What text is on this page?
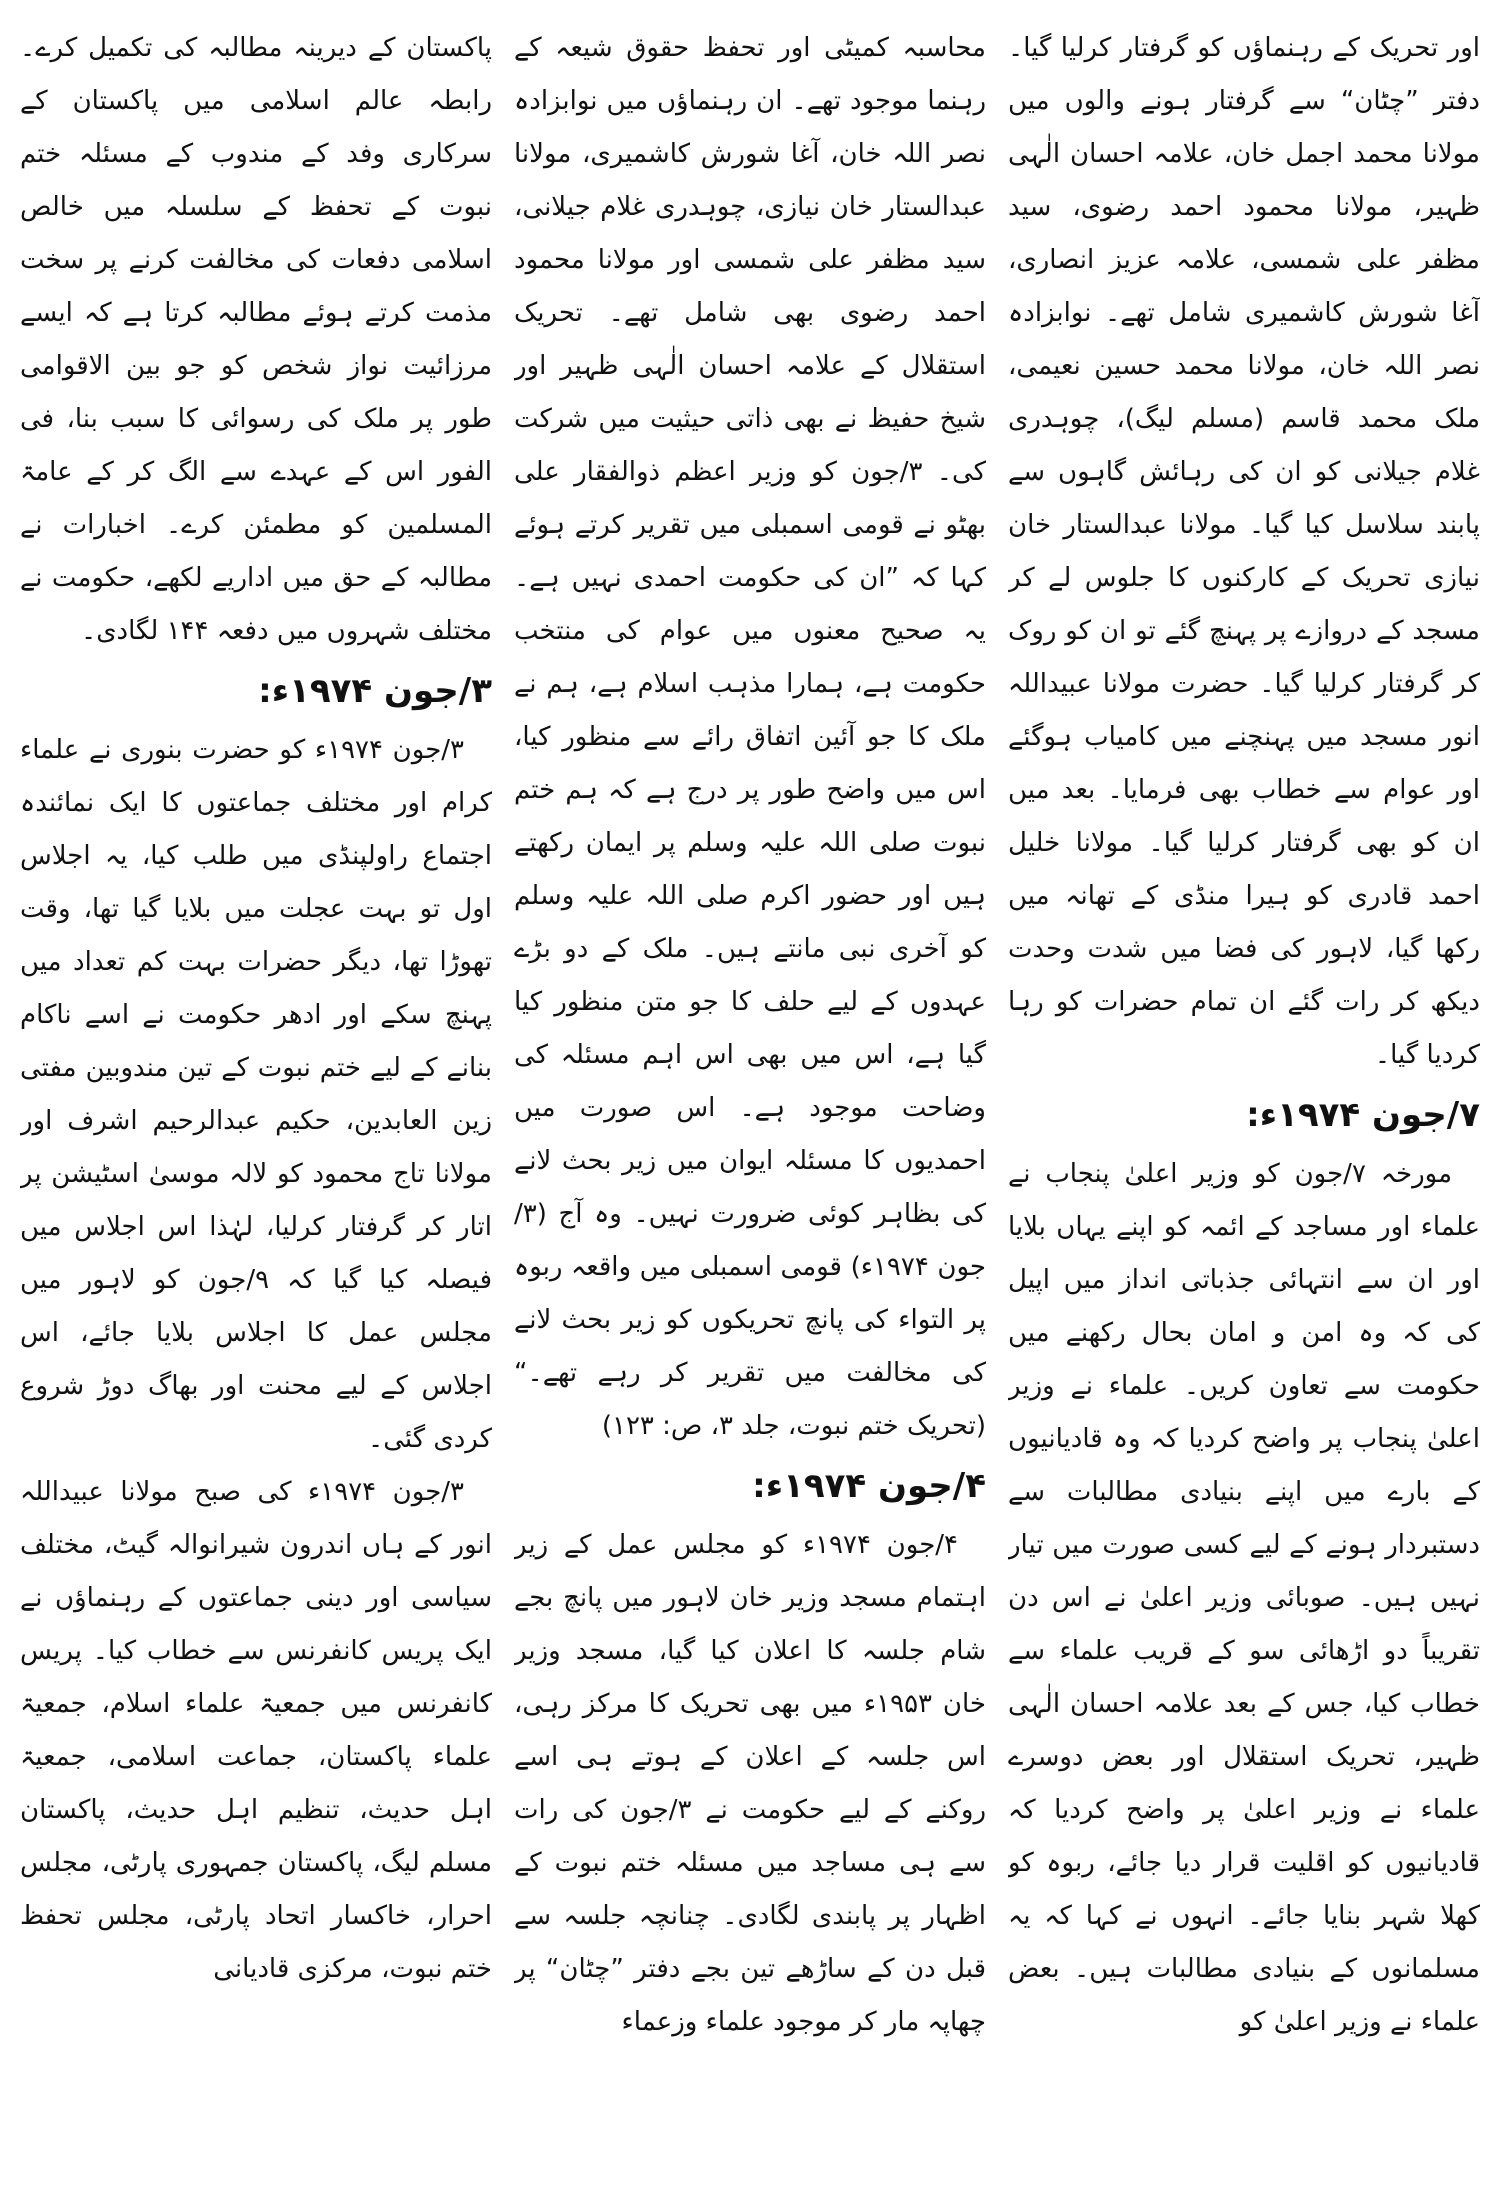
پاکستان کے دیرینہ مطالبہ کی تکمیل کرے۔ رابطہ عالم اسلامی میں پاکستان کے سرکاری وفد کے مندوب کے مسئلہ ختم نبوت کے تحفظ کے سلسلہ میں خالص اسلامی دفعات کی مخالفت کرنے پر سخت مذمت کرتے ہوئے مطالبہ کرتا ہے کہ ایسے مرزائیت نواز شخص کو جو بین الاقوامی طور پر ملک کی رسوائی کا سبب بنا، فی الفور اس کے عہدے سے الگ کر کے عامۃ المسلمین کو مطمئن کرے۔ اخبارات نے مطالبہ کے حق میں اداریے لکھے، حکومت نے مختلف شہروں میں دفعہ ۱۴۴ لگادی۔

۳/جون ۱۹۷۴ء:

۳/جون ۱۹۷۴ء کو حضرت بنوری نے علماء کرام اور مختلف جماعتوں کا ایک نمائندہ اجتماع راولپنڈی میں طلب کیا، یہ اجلاس اول تو بہت عجلت میں بلایا گیا تھا، وقت تھوڑا تھا، دیگر حضرات بہت کم تعداد میں پہنچ سکے اور ادھر حکومت نے اسے ناکام بنانے کے لیے ختم نبوت کے تین مندوبین مفتی زین العابدین، حکیم عبدالرحیم اشرف اور مولانا تاج محمود کو لالہ موسیٰ اسٹیشن پر اتار کر گرفتار کرلیا، لہٰذا اس اجلاس میں فیصلہ کیا گیا کہ ۹/جون کو لاہور میں مجلس عمل کا اجلاس بلایا جائے، اس اجلاس کے لیے محنت اور بھاگ دوڑ شروع کردی گئی۔

۳/جون ۱۹۷۴ء کی صبح مولانا عبیداللہ انور کے ہاں اندرون شیرانوالہ گیٹ، مختلف سیاسی اور دینی جماعتوں کے رہنماؤں نے ایک پریس کانفرنس سے خطاب کیا۔ پریس کانفرنس میں جمعیۃ علماء اسلام، جمعیۃ علماء پاکستان، جماعت اسلامی، جمعیۃ اہل حدیث، تنظیم اہل حدیث، پاکستان مسلم لیگ، پاکستان جمہوری پارٹی، مجلس احرار، خاکسار اتحاد پارٹی، مجلس تحفظ ختم نبوت، مرکزی قادیانی

محاسبہ کمیٹی اور تحفظ حقوق شیعہ کے رہنما موجود تھے۔ ان رہنماؤں میں نوابزادہ نصر اللہ خان، آغا شورش کاشمیری، مولانا عبدالستار خان نیازی، چوہدری غلام جیلانی، سید مظفر علی شمسی اور مولانا محمود احمد رضوی بھی شامل تھے۔ تحریک استقلال کے علامہ احسان الٰہی ظہیر اور شیخ حفیظ نے بھی ذاتی حیثیت میں شرکت کی۔ ۳/جون کو وزیر اعظم ذوالفقار علی بھٹو نے قومی اسمبلی میں تقریر کرتے ہوئے کہا کہ ”ان کی حکومت احمدی نہیں ہے۔ یہ صحیح معنوں میں عوام کی منتخب حکومت ہے، ہمارا مذہب اسلام ہے، ہم نے ملک کا جو آئین اتفاق رائے سے منظور کیا، اس میں واضح طور پر درج ہے کہ ہم ختم نبوت صلی اللہ علیہ وسلم پر ایمان رکھتے ہیں اور حضور اکرم صلی اللہ علیہ وسلم کو آخری نبی مانتے ہیں۔ ملک کے دو بڑے عہدوں کے لیے حلف کا جو متن منظور کیا گیا ہے، اس میں بھی اس اہم مسئلہ کی وضاحت موجود ہے۔ اس صورت میں احمدیوں کا مسئلہ ایوان میں زیر بحث لانے کی بظاہر کوئی ضرورت نہیں۔ وہ آج (۳/جون ۱۹۷۴ء) قومی اسمبلی میں واقعہ ربوہ پر التواء کی پانچ تحریکوں کو زیر بحث لانے کی مخالفت میں تقریر کر رہے تھے۔“ (تحریک ختم نبوت، جلد ۳، ص: ۱۲۳)

۴/جون ۱۹۷۴ء:

۴/جون ۱۹۷۴ء کو مجلس عمل کے زیر اہتمام مسجد وزیر خان لاہور میں پانچ بجے شام جلسہ کا اعلان کیا گیا، مسجد وزیر خان ۱۹۵۳ء میں بھی تحریک کا مرکز رہی، اس جلسہ کے اعلان کے ہوتے ہی اسے روکنے کے لیے حکومت نے ۳/جون کی رات سے ہی مساجد میں مسئلہ ختم نبوت کے اظہار پر پابندی لگادی۔ چنانچہ جلسہ سے قبل دن کے ساڑھے تین بجے دفتر ”چٹان“ پر چھاپہ مار کر موجود علماء وزعماء

اور تحریک کے رہنماؤں کو گرفتار کرلیا گیا۔ دفتر ”چٹان“ سے گرفتار ہونے والوں میں مولانا محمد اجمل خان، علامہ احسان الٰہی ظہیر، مولانا محمود احمد رضوی، سید مظفر علی شمسی، علامہ عزیز انصاری، آغا شورش کاشمیری شامل تھے۔ نوابزادہ نصر اللہ خان، مولانا محمد حسین نعیمی، ملک محمد قاسم (مسلم لیگ)، چوہدری غلام جیلانی کو ان کی رہائش گاہوں سے پابند سلاسل کیا گیا۔ مولانا عبدالستار خان نیازی تحریک کے کارکنوں کا جلوس لے کر مسجد کے دروازے پر پہنچ گئے تو ان کو روک کر گرفتار کرلیا گیا۔ حضرت مولانا عبیداللہ انور مسجد میں پہنچنے میں کامیاب ہوگئے اور عوام سے خطاب بھی فرمایا۔ بعد میں ان کو بھی گرفتار کرلیا گیا۔ مولانا خلیل احمد قادری کو ہیرا منڈی کے تھانہ میں رکھا گیا، لاہور کی فضا میں شدت وحدت دیکھ کر رات گئے ان تمام حضرات کو رہا کردیا گیا۔

۷/جون ۱۹۷۴ء:

مورخہ ۷/جون کو وزیر اعلیٰ پنجاب نے علماء اور مساجد کے ائمہ کو اپنے یہاں بلایا اور ان سے انتہائی جذباتی انداز میں اپیل کی کہ وہ امن و امان بحال رکھنے میں حکومت سے تعاون کریں۔ علماء نے وزیر اعلیٰ پنجاب پر واضح کردیا کہ وہ قادیانیوں کے بارے میں اپنے بنیادی مطالبات سے دستبردار ہونے کے لیے کسی صورت میں تیار نہیں ہیں۔ صوبائی وزیر اعلیٰ نے اس دن تقریباً دو اڑھائی سو کے قریب علماء سے خطاب کیا، جس کے بعد علامہ احسان الٰہی ظہیر، تحریک استقلال اور بعض دوسرے علماء نے وزیر اعلیٰ پر واضح کردیا کہ قادیانیوں کو اقلیت قرار دیا جائے، ربوہ کو کھلا شہر بنایا جائے۔ انہوں نے کہا کہ یہ مسلمانوں کے بنیادی مطالبات ہیں۔ بعض علماء نے وزیر اعلیٰ کو
